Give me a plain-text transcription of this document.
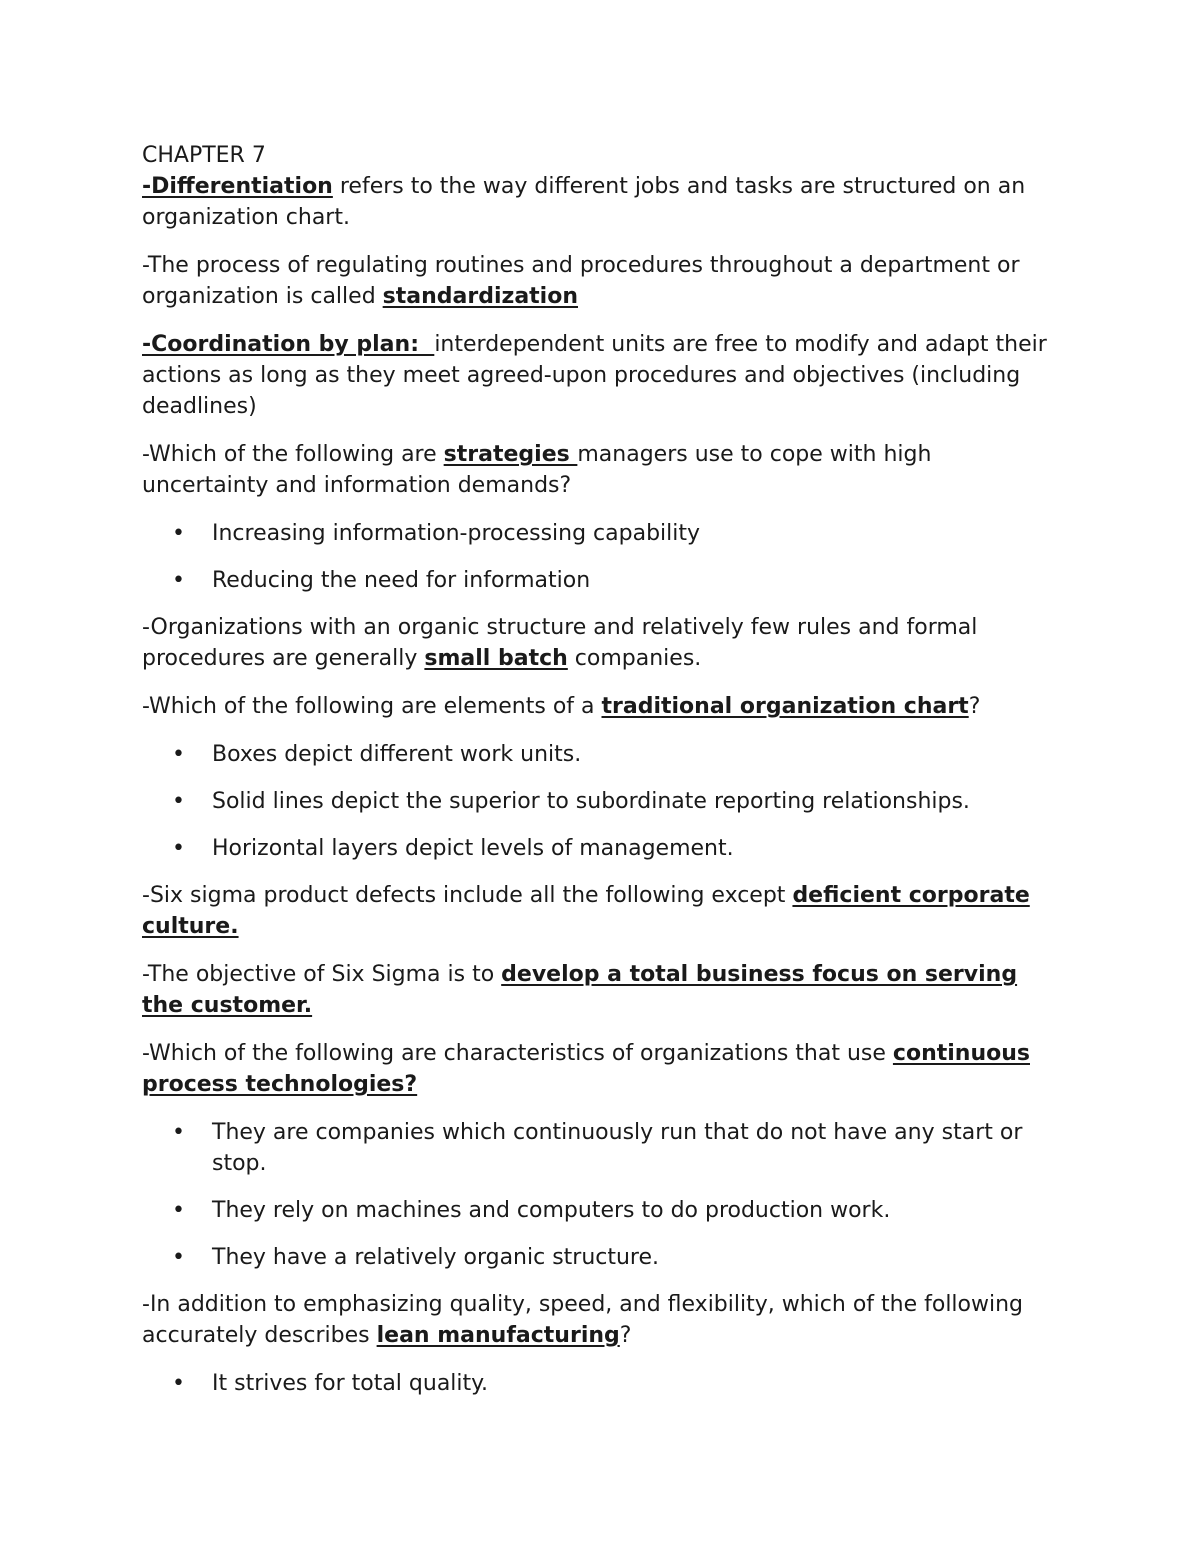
CHAPTER 7

-Differentiation refers to the way different jobs and tasks are structured on an organization chart.

-The process of regulating routines and procedures throughout a department or organization is called standardization

-Coordination by plan:  interdependent units are free to modify and adapt their actions as long as they meet agreed-upon procedures and objectives (including deadlines)

-Which of the following are strategies managers use to cope with high uncertainty and information demands?

• Increasing information-processing capability
• Reducing the need for information

-Organizations with an organic structure and relatively few rules and formal procedures are generally small batch companies.

-Which of the following are elements of a traditional organization chart?

• Boxes depict different work units.
• Solid lines depict the superior to subordinate reporting relationships.
• Horizontal layers depict levels of management.

-Six sigma product defects include all the following except deficient corporate culture.

-The objective of Six Sigma is to develop a total business focus on serving the customer.

-Which of the following are characteristics of organizations that use continuous process technologies?

• They are companies which continuously run that do not have any start or stop.
• They rely on machines and computers to do production work.
• They have a relatively organic structure.

-In addition to emphasizing quality, speed, and flexibility, which of the following accurately describes lean manufacturing?

• It strives for total quality.
